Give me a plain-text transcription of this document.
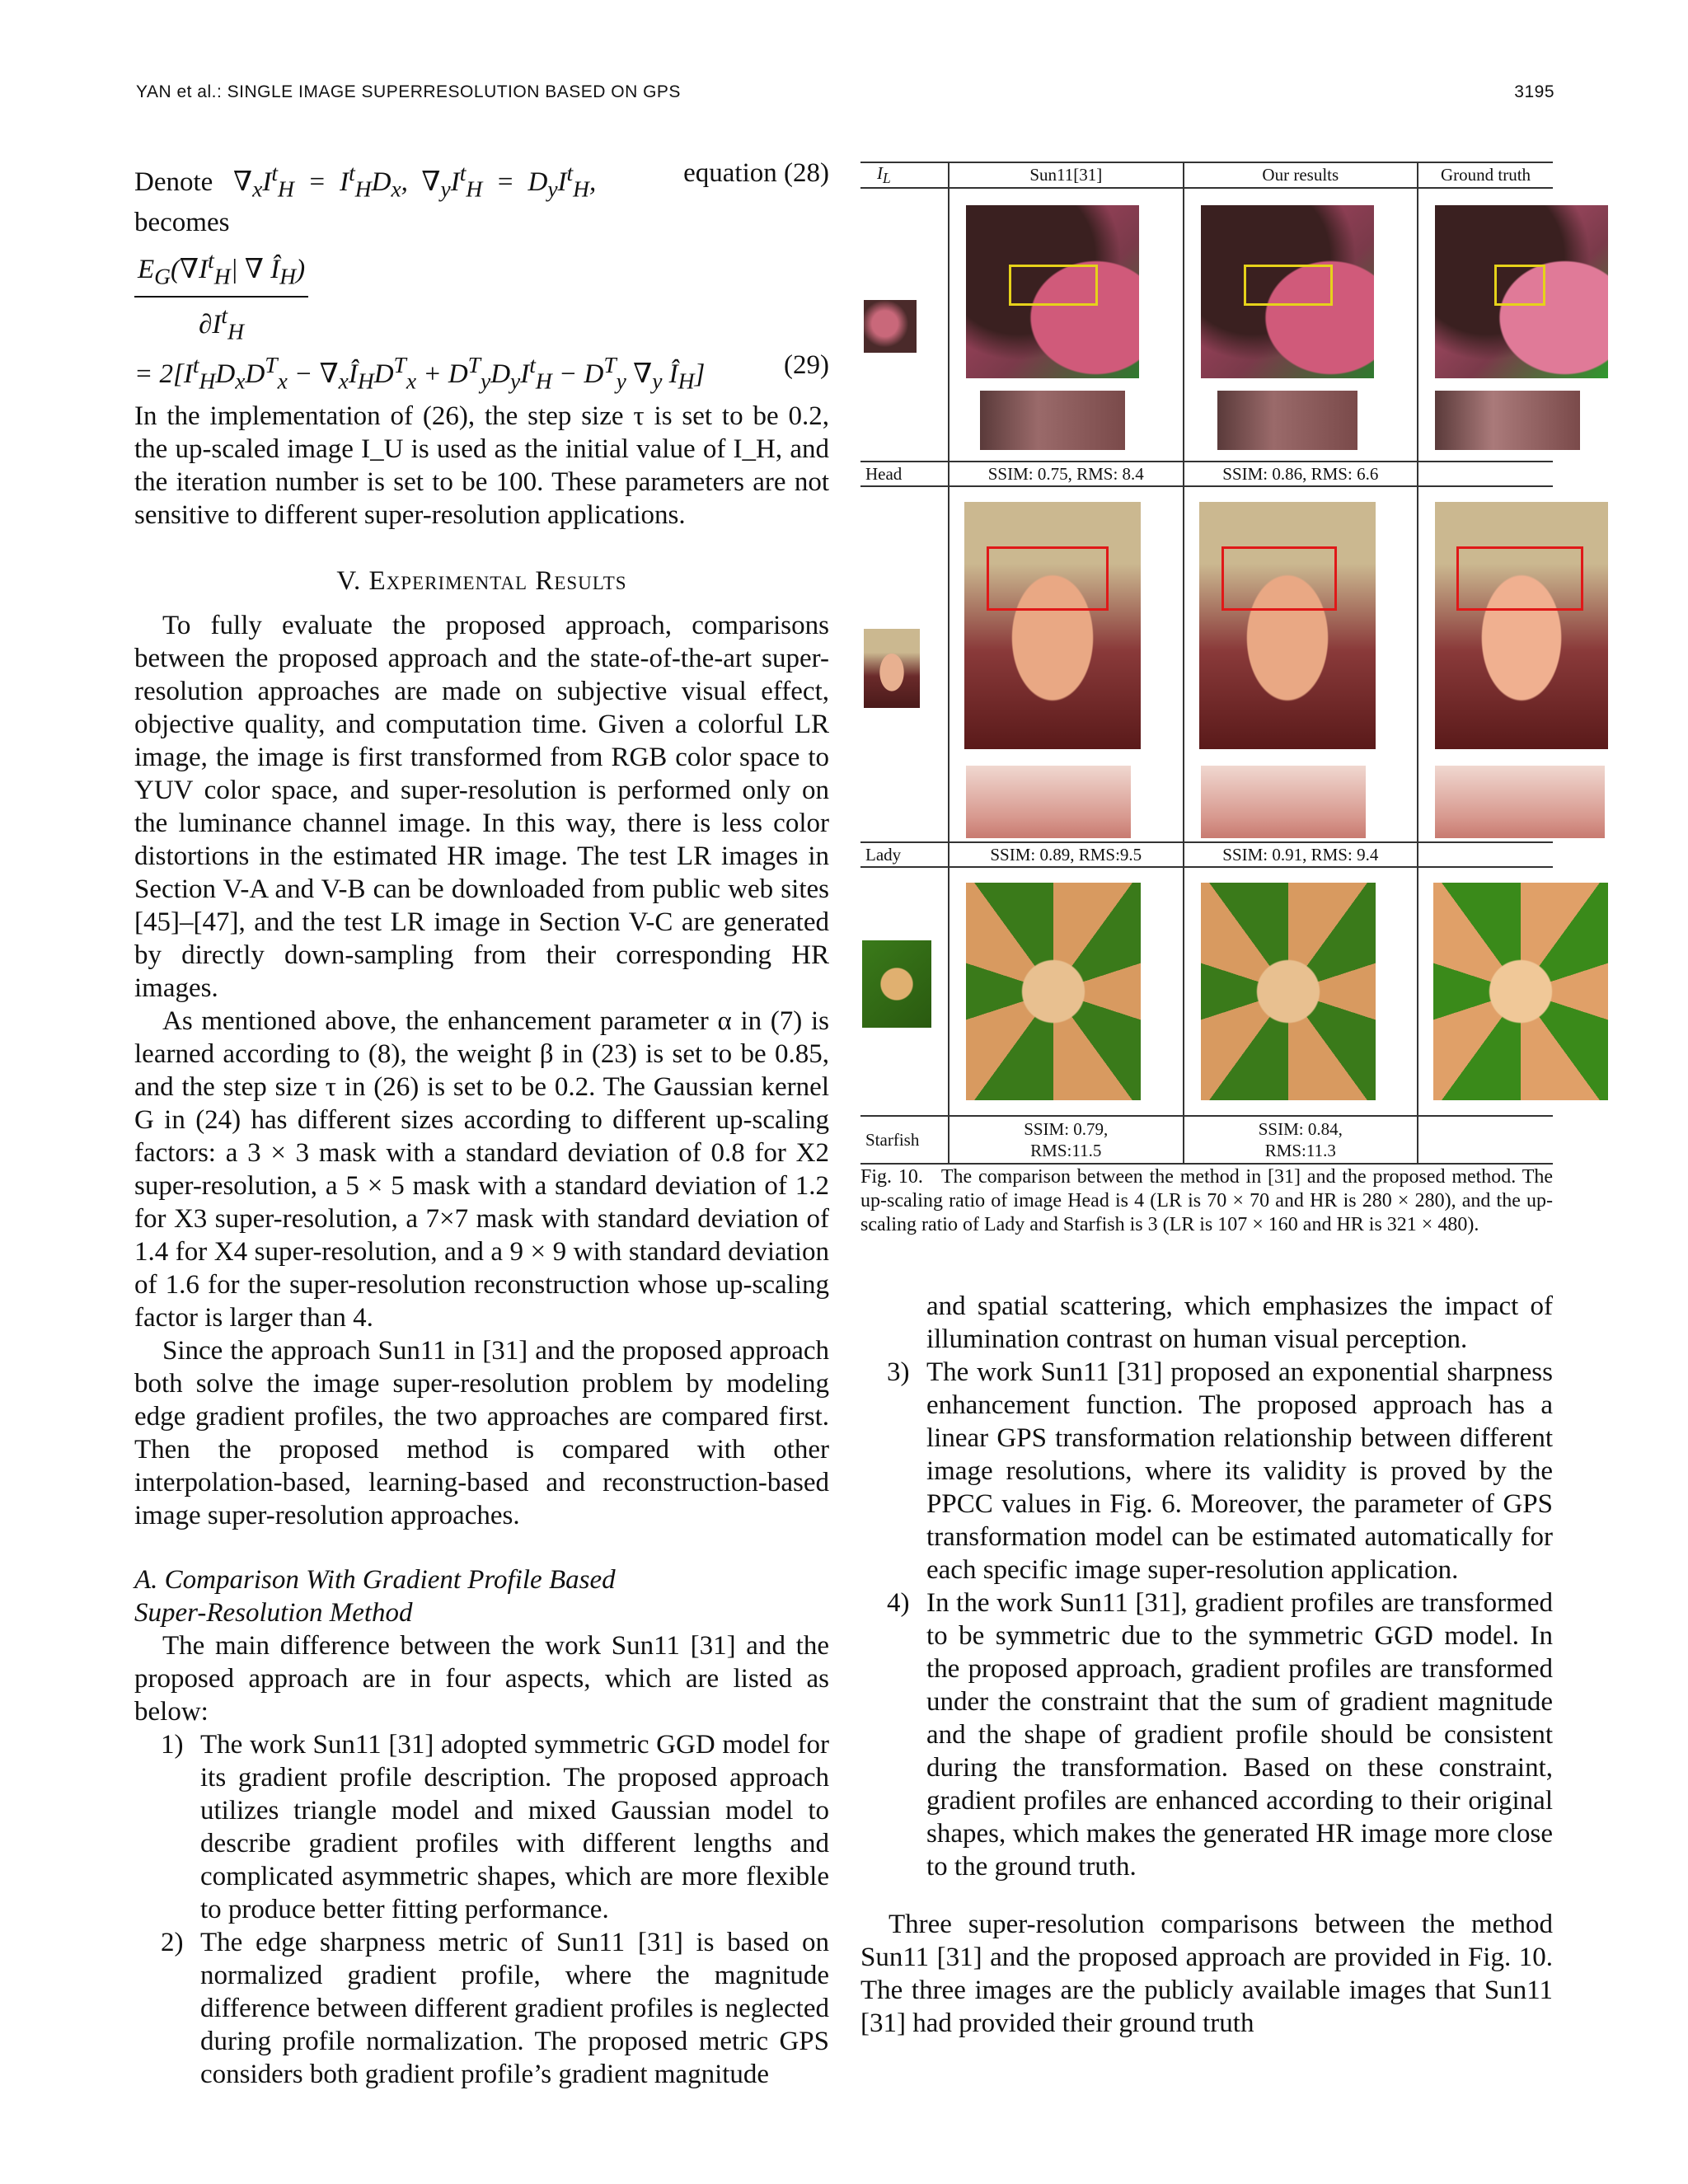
YAN et al.: SINGLE IMAGE SUPERRESOLUTION BASED ON GPS	3195

Denote   $\nabla_xI^t_H = I^t_HD_x$,  $\nabla_yI^t_H = D_yI^t_H$,	equation (28)

becomes

$\frac{E_G(\nabla I^t_H| \nabla Î_H)}{\partial I^t_H}$
= $2[I^t_HD_xD^T_x$ − $\nabla_xÎ_HD^T_x + D^T_yD_yI^t_H - D^T_y$ $\nabla_y$ $Î_H$]	(29)

In the implementation of (26), the step size τ is set to be 0.2, the up-scaled image I_U is used as the initial value of I_H, and the iteration number is set to be 100. These parameters are not sensitive to different super-resolution applications.

V. Experimental Results

To fully evaluate the proposed approach, comparisons between the proposed approach and the state-of-the-art super-resolution approaches are made on subjective visual effect, objective quality, and computation time. Given a colorful LR image, the image is first transformed from RGB color space to YUV color space, and super-resolution is performed only on the luminance channel image. In this way, there is less color distortions in the estimated HR image. The test LR images in Section V-A and V-B can be downloaded from public web sites [45]–[47], and the test LR image in Section V-C are generated by directly down-sampling from their corresponding HR images.

As mentioned above, the enhancement parameter α in (7) is learned according to (8), the weight β in (23) is set to be 0.85, and the step size τ in (26) is set to be 0.2. The Gaussian kernel G in (24) has different sizes according to different up-scaling factors: a 3 × 3 mask with a standard deviation of 0.8 for X2 super-resolution, a 5 × 5 mask with a standard deviation of 1.2 for X3 super-resolution, a 7×7 mask with standard deviation of 1.4 for X4 super-resolution, and a 9 × 9 with standard deviation of 1.6 for the super-resolution reconstruction whose up-scaling factor is larger than 4.

Since the approach Sun11 in [31] and the proposed approach both solve the image super-resolution problem by modeling edge gradient profiles, the two approaches are compared first. Then the proposed method is compared with other interpolation-based, learning-based and reconstruction-based image super-resolution approaches.

A. Comparison With Gradient Profile Based
Super-Resolution Method

The main difference between the work Sun11 [31] and the proposed approach are in four aspects, which are listed as below:

1) The work Sun11 [31] adopted symmetric GGD model for its gradient profile description. The proposed approach utilizes triangle model and mixed Gaussian model to describe gradient profiles with different lengths and complicated asymmetric shapes, which are more flexible to produce better fitting performance.
2) The edge sharpness metric of Sun11 [31] is based on normalized gradient profile, where the magnitude difference between different gradient profiles is neglected during profile normalization. The proposed metric GPS considers both gradient profile’s gradient magnitude
$I_L$	Sun11[31]	Our results	Ground truth

Head	SSIM: 0.75, RMS: 8.4	SSIM: 0.86, RMS: 6.6	

Lady	SSIM: 0.89, RMS:9.5	SSIM: 0.91, RMS: 9.4	

Starfish	SSIM: 0.79,
RMS:11.5	SSIM: 0.84,
RMS:11.3	
Fig. 10. The comparison between the method in [31] and the proposed method. The up-scaling ratio of image Head is 4 (LR is 70 × 70 and HR is 280 × 280), and the up-scaling ratio of Lady and Starfish is 3 (LR is 107 × 160 and HR is 321 × 480).
and spatial scattering, which emphasizes the impact of illumination contrast on human visual perception.
3) The work Sun11 [31] proposed an exponential sharpness enhancement function. The proposed approach has a linear GPS transformation relationship between different image resolutions, where its validity is proved by the PPCC values in Fig. 6. Moreover, the parameter of GPS transformation model can be estimated automatically for each specific image super-resolution application.
4) In the work Sun11 [31], gradient profiles are transformed to be symmetric due to the symmetric GGD model. In the proposed approach, gradient profiles are transformed under the constraint that the sum of gradient magnitude and the shape of gradient profile should be consistent during the transformation. Based on these constraint, gradient profiles are enhanced according to their original shapes, which makes the generated HR image more close to the ground truth.

Three super-resolution comparisons between the method Sun11 [31] and the proposed approach are provided in Fig. 10. The three images are the publicly available images that Sun11 [31] had provided their ground truth
